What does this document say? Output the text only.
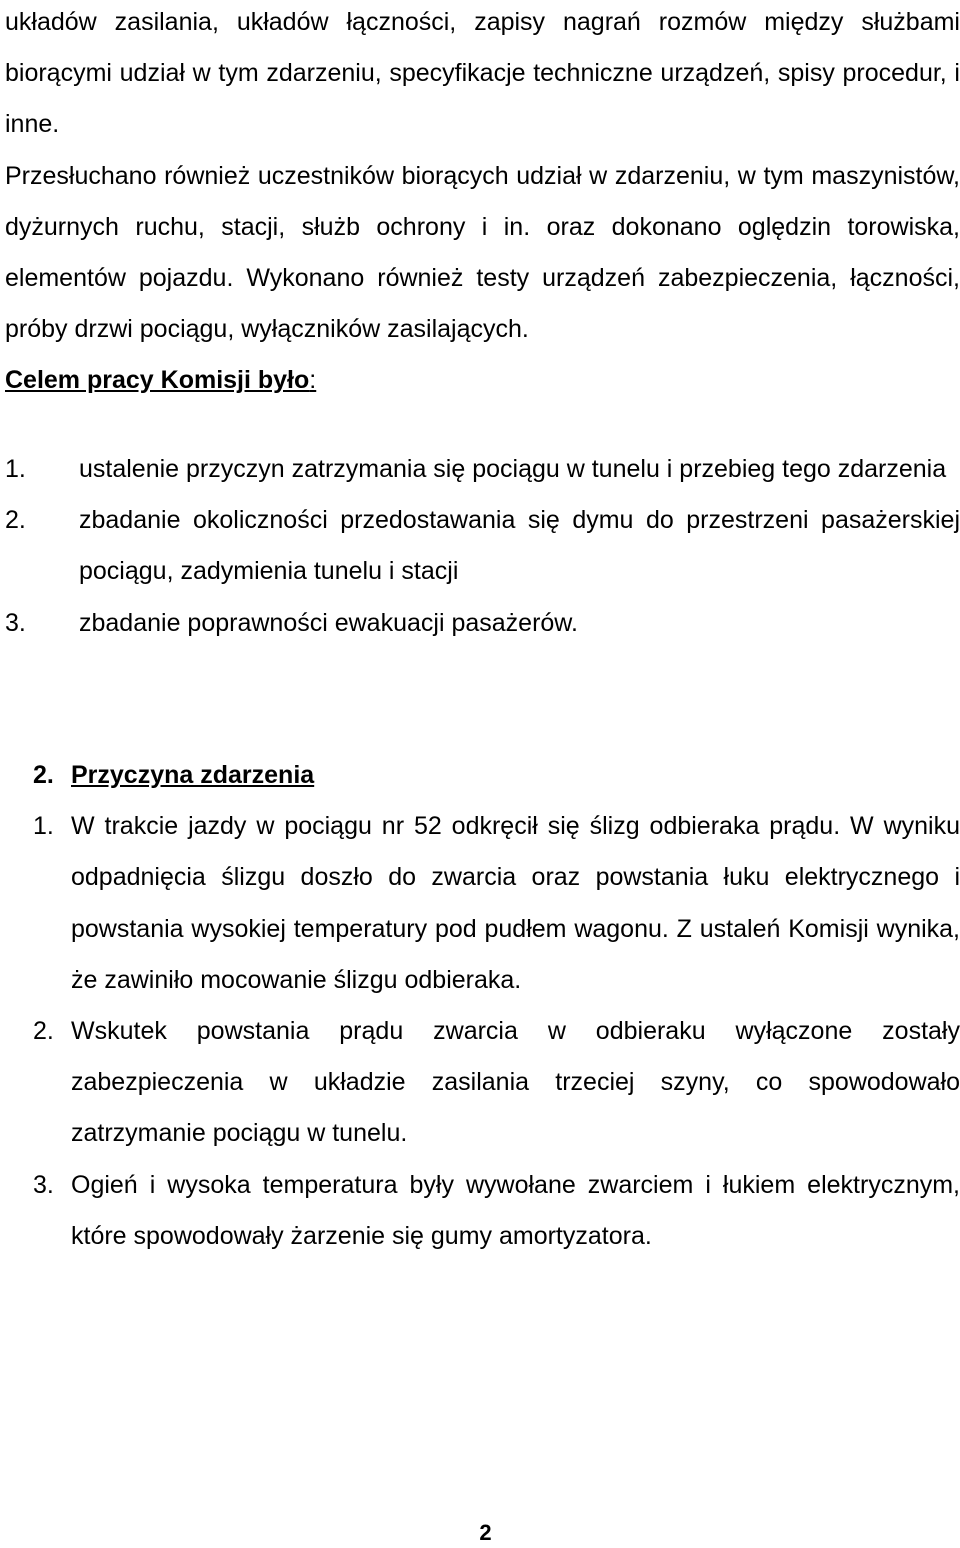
układów zasilania, układów łączności, zapisy nagrań rozmów między służbami biorącymi udział w tym zdarzeniu, specyfikacje techniczne urządzeń, spisy procedur, i inne.

Przesłuchano również uczestników biorących udział w zdarzeniu, w tym maszynistów, dyżurnych ruchu, stacji, służb ochrony i in. oraz dokonano oględzin torowiska, elementów pojazdu. Wykonano również testy urządzeń zabezpieczenia, łączności, próby drzwi pociągu, wyłączników zasilających.

Celem pracy Komisji było:

1.	ustalenie przyczyn zatrzymania się pociągu w tunelu i przebieg tego zdarzenia
2.	zbadanie okoliczności przedostawania się dymu do przestrzeni pasażerskiej pociągu, zadymienia tunelu i stacji
3.	zbadanie poprawności ewakuacji pasażerów.
2. Przyczyna zdarzenia
1. W trakcie jazdy w pociągu nr 52 odkręcił się ślizg odbieraka prądu. W wyniku odpadnięcia ślizgu doszło do zwarcia oraz powstania łuku elektrycznego i powstania wysokiej temperatury pod pudłem wagonu. Z ustaleń Komisji wynika, że zawiniło mocowanie ślizgu odbieraka.
2. Wskutek powstania prądu zwarcia w odbieraku wyłączone zostały zabezpieczenia w układzie zasilania trzeciej szyny, co spowodowało zatrzymanie pociągu w tunelu.
3. Ogień i wysoka temperatura były wywołane zwarciem i łukiem elektrycznym, które spowodowały żarzenie się gumy amortyzatora.
2
